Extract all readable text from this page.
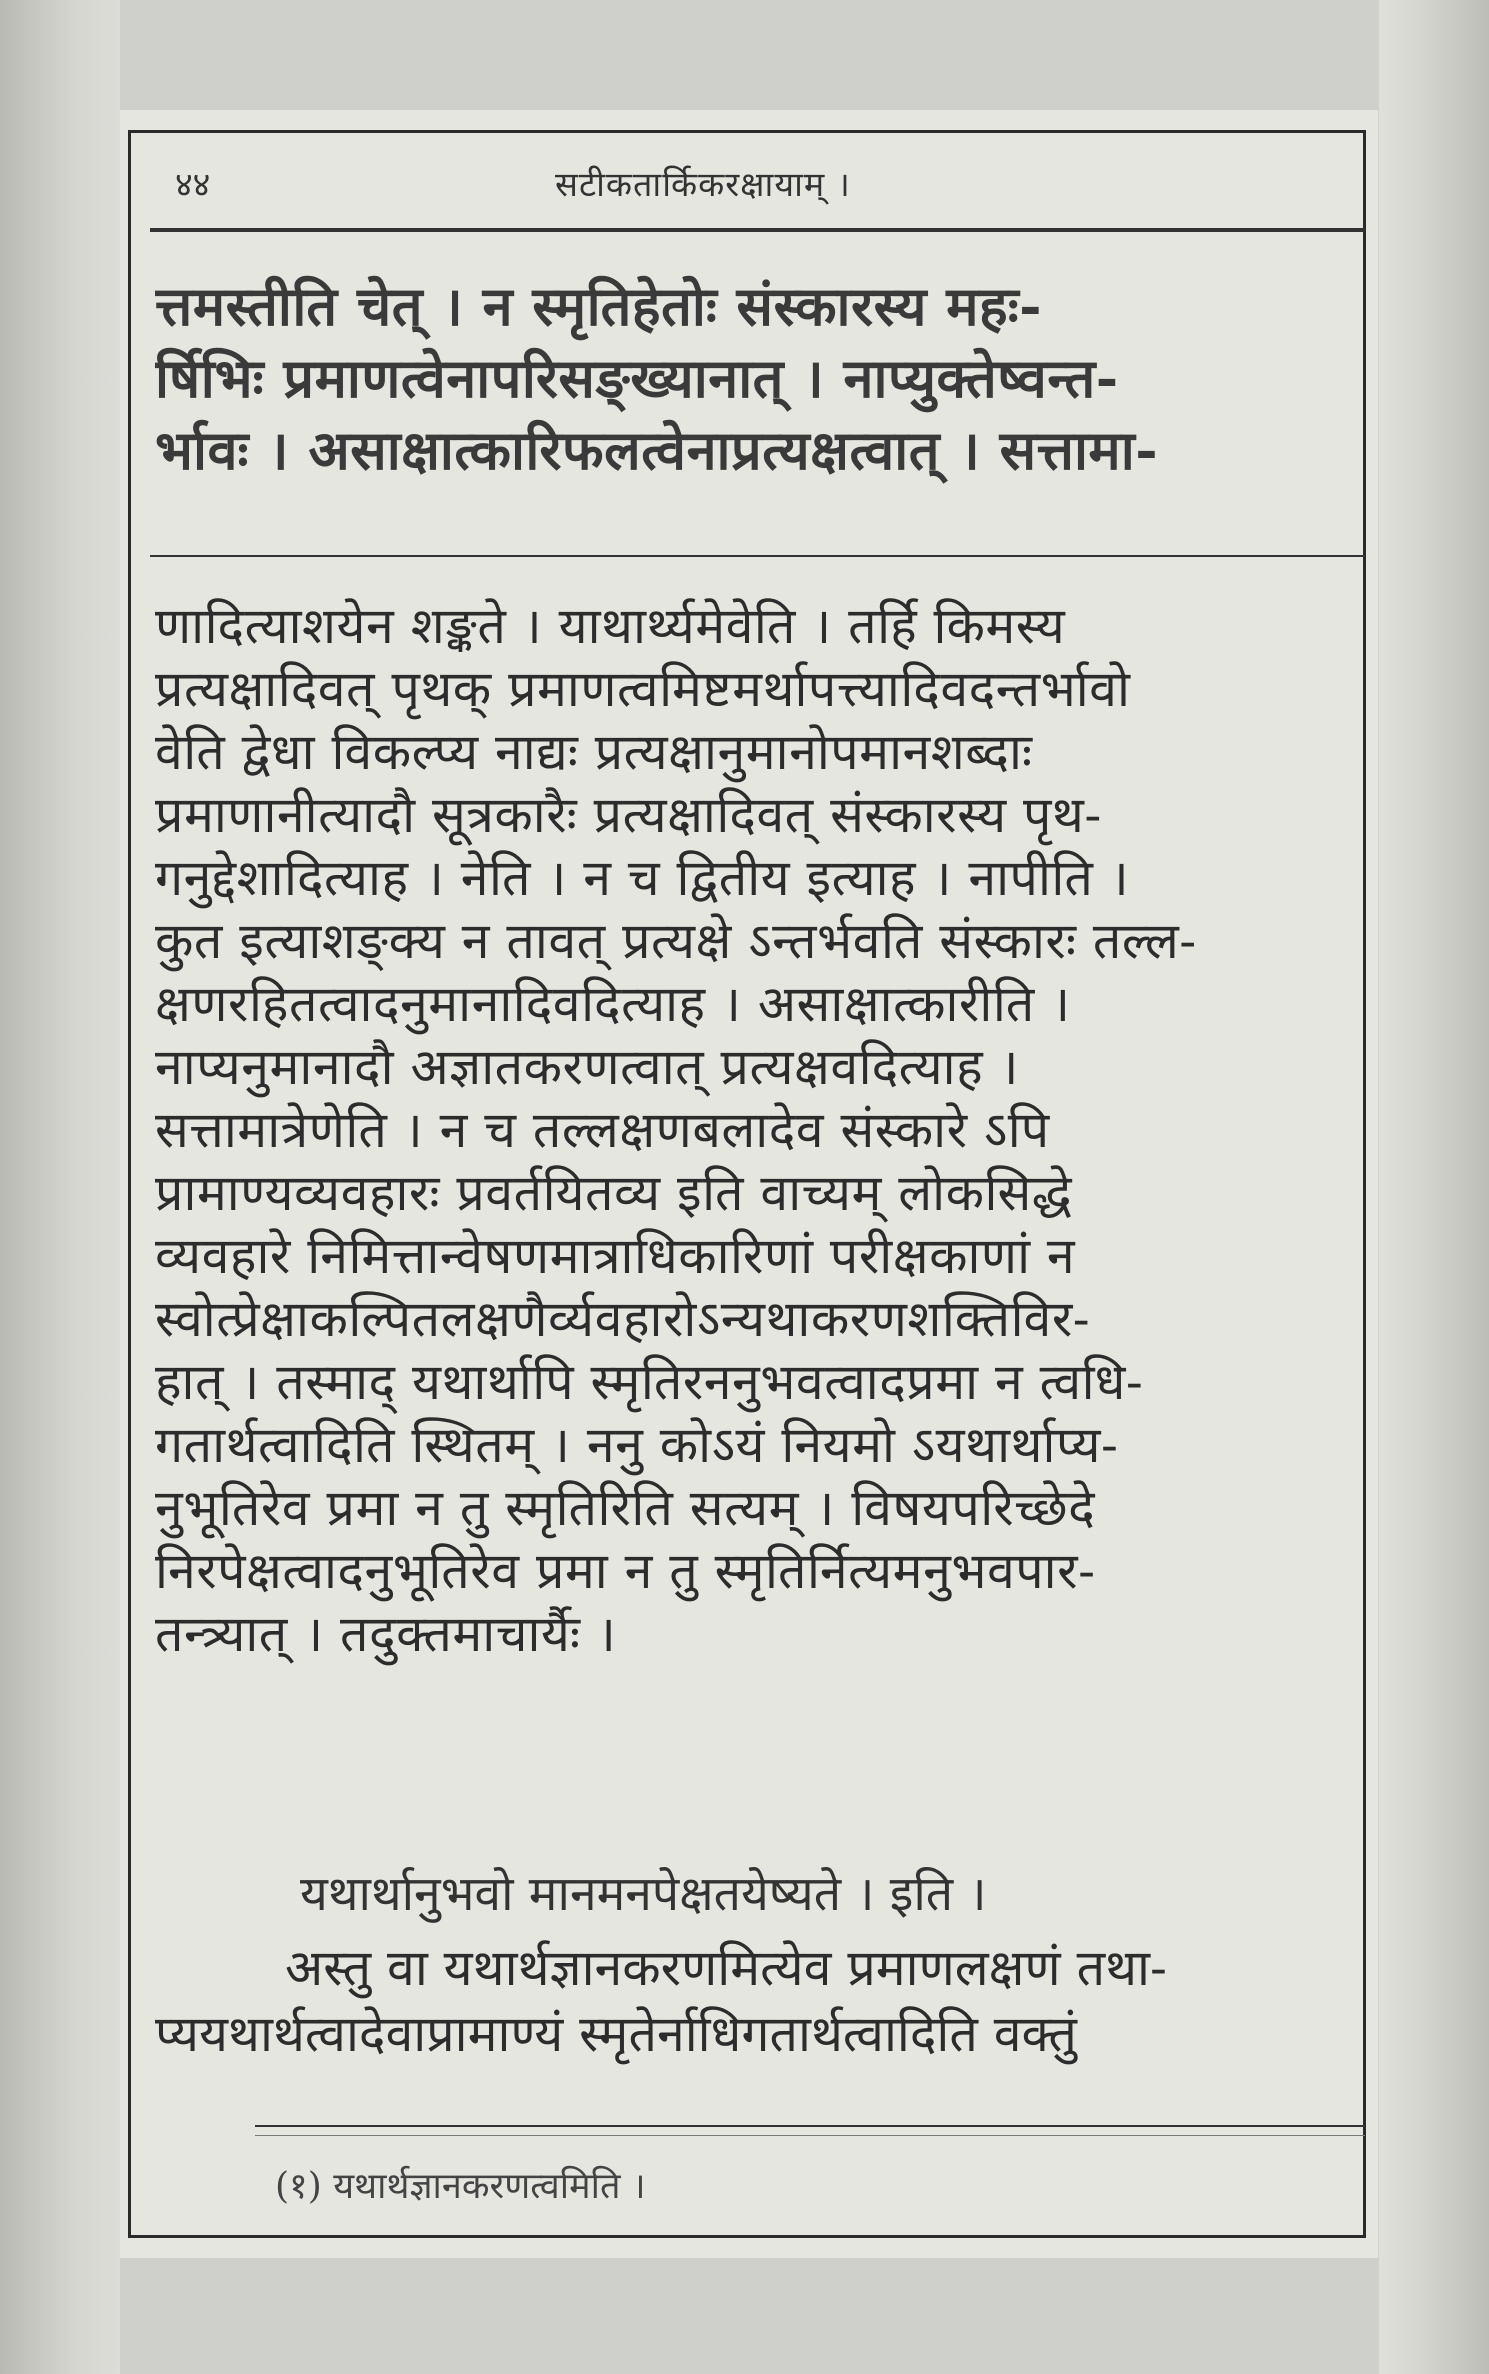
४४	सटीकतार्किकरक्षायाम् ।
त्तमस्तीति चेत् । न स्मृतिहेतोः संस्कारस्य महः-
र्षिभिः प्रमाणत्वेनापरिसङ्ख्यानात् । नाप्युक्तेष्वन्त-
र्भावः । असाक्षात्कारिफलत्वेनाप्रत्यक्षत्वात् । सत्तामा-
णादित्याशयेन शङ्कते । याथार्थ्यमेवेति । तर्हि किमस्य
प्रत्यक्षादिवत् पृथक् प्रमाणत्वमिष्टमर्थापत्त्यादिवदन्तर्भावो
वेति द्वेधा विकल्प्य नाद्यः प्रत्यक्षानुमानोपमानशब्दाः
प्रमाणानीत्यादौ सूत्रकारैः प्रत्यक्षादिवत् संस्कारस्य पृथ-
गनुद्देशादित्याह । नेति । न च द्वितीय इत्याह । नापीति ।
कुत इत्याशङ्क्य न तावत् प्रत्यक्षे ऽन्तर्भवति संस्कारः तल्ल-
क्षणरहितत्वादनुमानादिवदित्याह । असाक्षात्कारीति ।
नाप्यनुमानादौ अज्ञातकरणत्वात् प्रत्यक्षवदित्याह ।
सत्तामात्रेणेति । न च तल्लक्षणबलादेव संस्कारे ऽपि
प्रामाण्यव्यवहारः प्रवर्तयितव्य इति वाच्यम् लोकसिद्धे
व्यवहारे निमित्तान्वेषणमात्राधिकारिणां परीक्षकाणां न
स्वोत्प्रेक्षाकल्पितलक्षणैर्व्यवहारोऽन्यथाकरणशक्तिविर-
हात् । तस्माद् यथार्थापि स्मृतिरननुभवत्वादप्रमा न त्वधि-
गतार्थत्वादिति स्थितम् । ननु कोऽयं नियमो ऽयथार्थाप्य-
नुभूतिरेव प्रमा न तु स्मृतिरिति सत्यम् । विषयपरिच्छेदे
निरपेक्षत्वादनुभूतिरेव प्रमा न तु स्मृतिर्नित्यमनुभवपार-
तन्त्र्यात् । तदुक्तमाचार्यैः ।
यथार्थानुभवो मानमनपेक्षतयेष्यते । इति ।
अस्तु वा यथार्थज्ञानकरणमित्येव प्रमाणलक्षणं तथा-
प्ययथार्थत्वादेवाप्रामाण्यं स्मृतेर्नाधिगतार्थत्वादिति वक्तुं
(१) यथार्थज्ञानकरणत्वमिति ।
